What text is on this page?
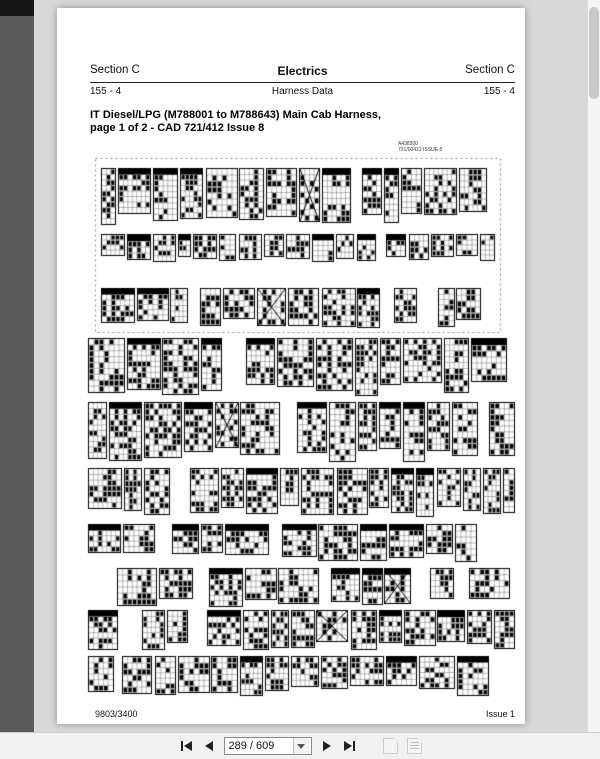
Section C	Electrics	Section C
155 - 4	Harness Data	155 - 4
IT Diesel/LPG (M788001 to M788643) Main Cab Harness,
page 1 of 2 - CAD 721/412 Issue 8
A438300
9803/3400	Issue 1
289 / 609
